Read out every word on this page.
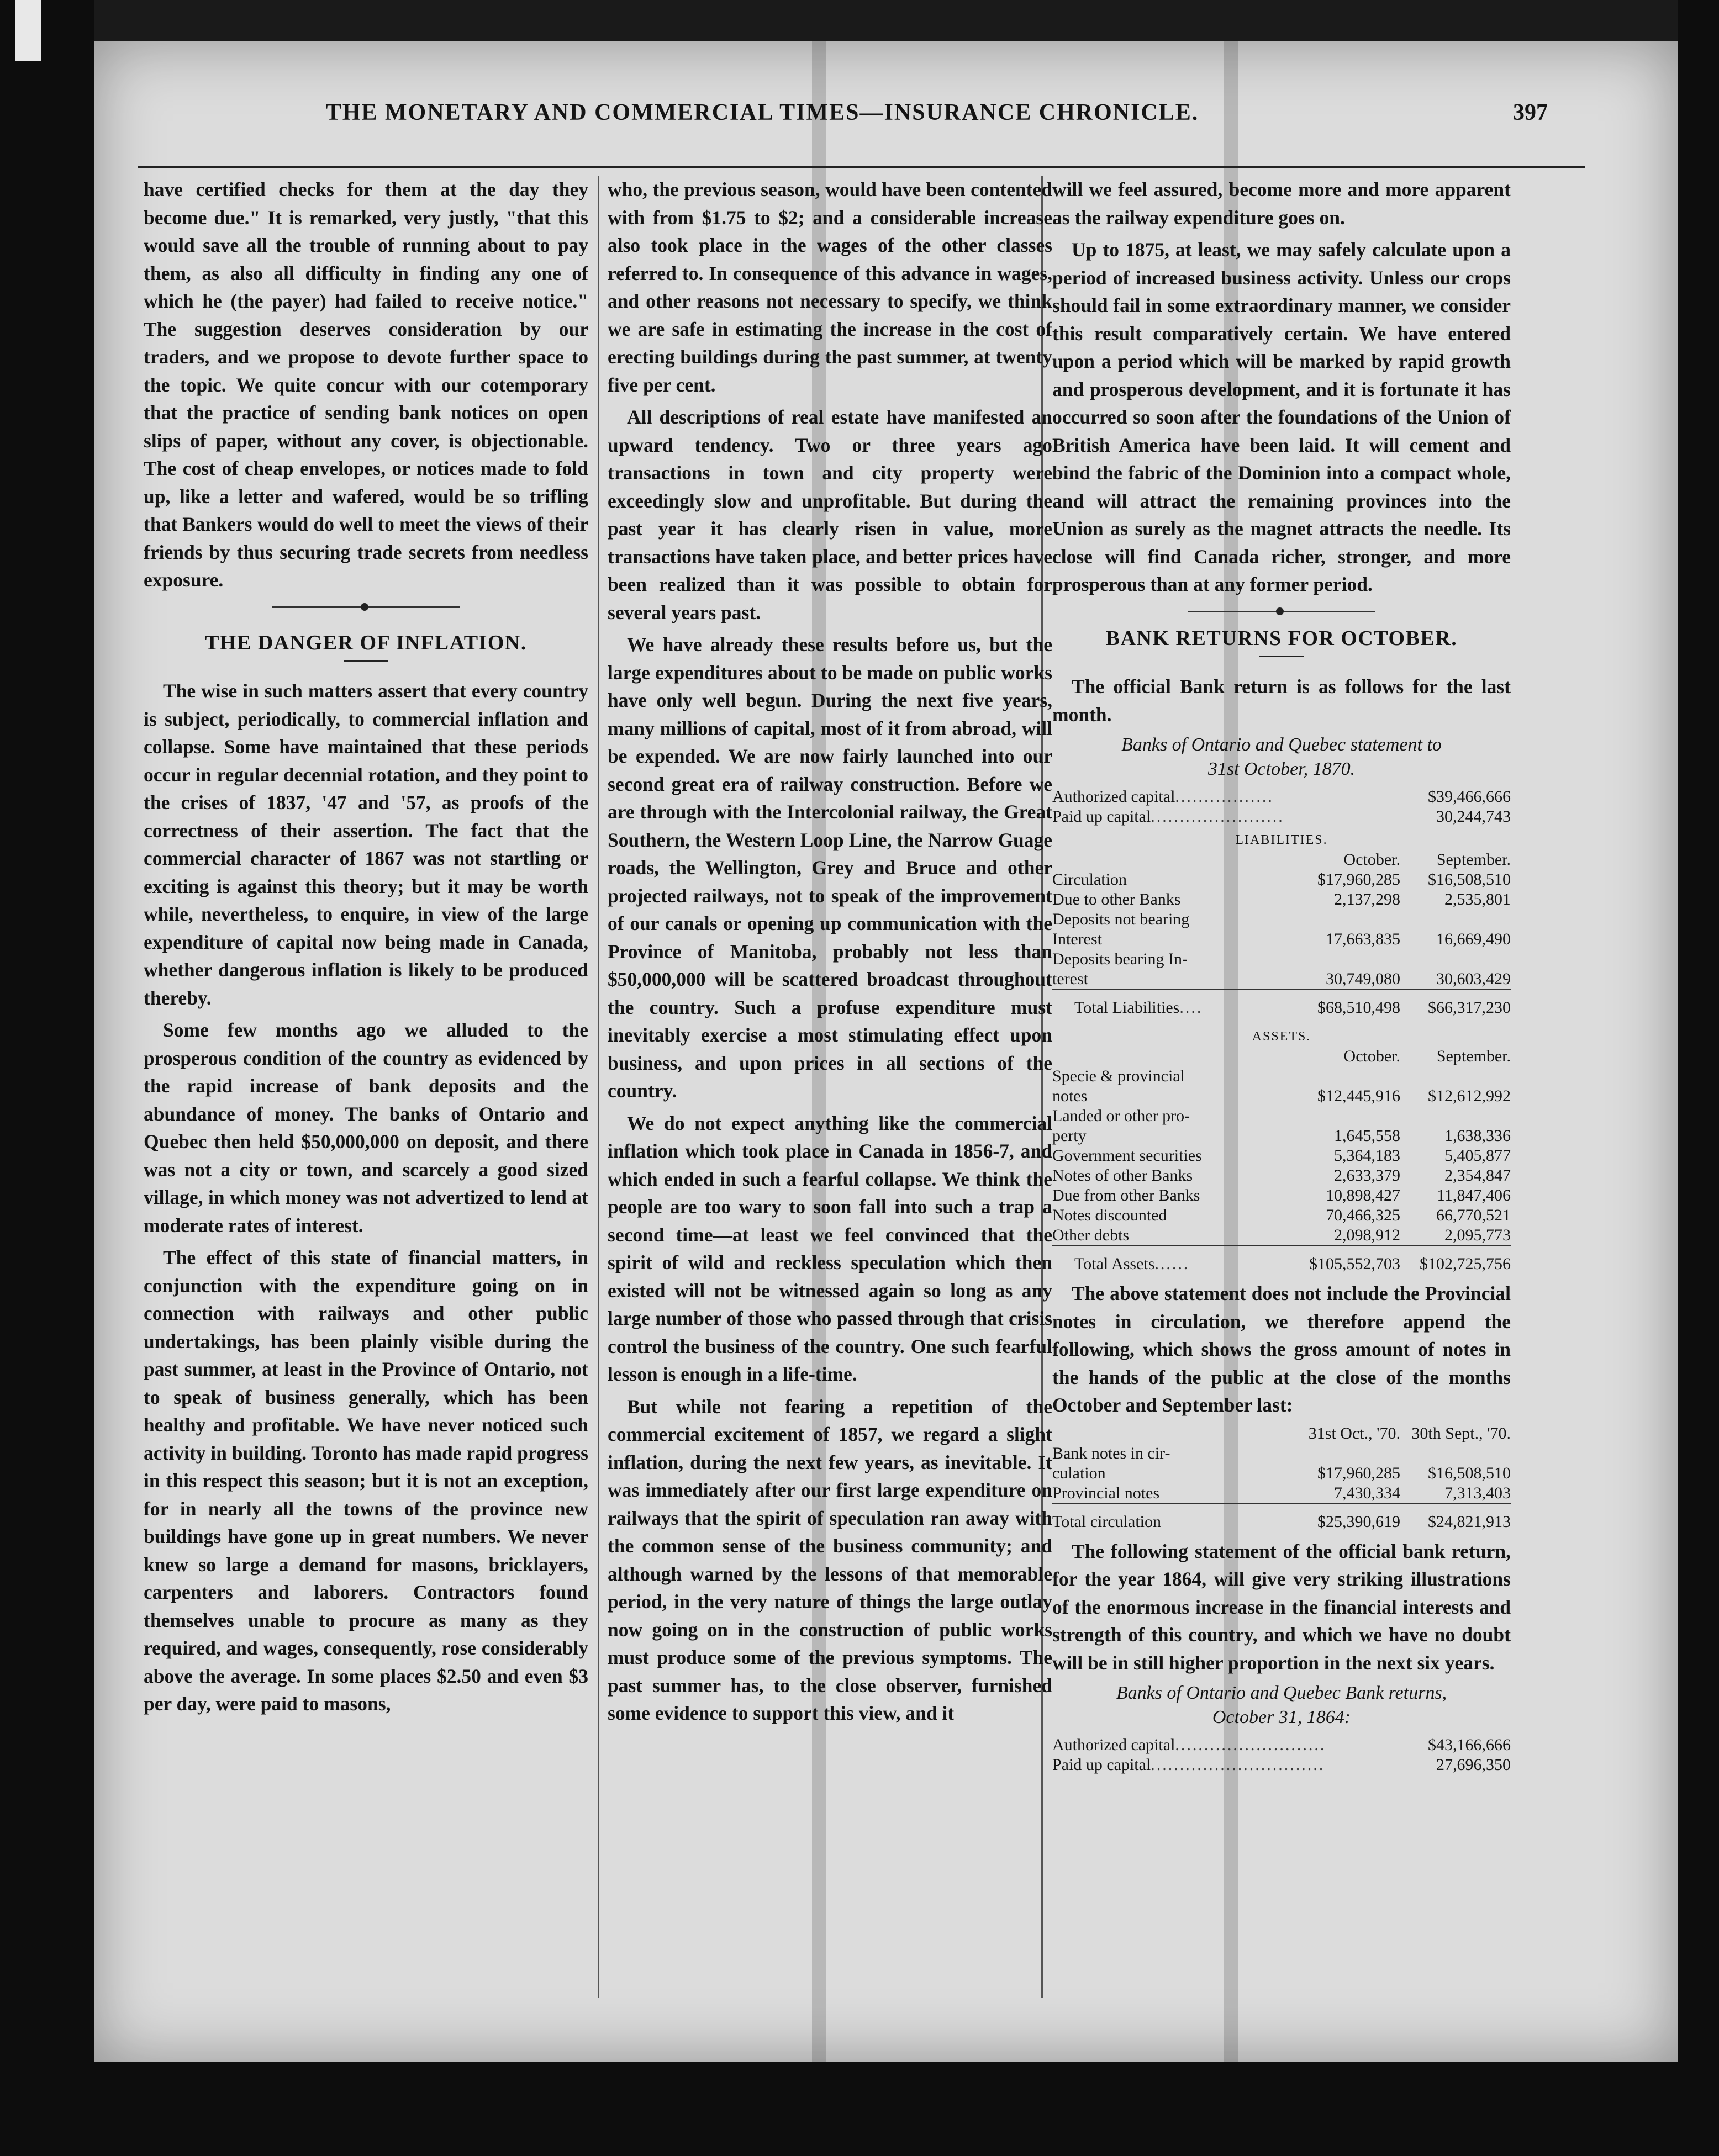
THE MONETARY AND COMMERCIAL TIMES—INSURANCE CHRONICLE.	397

have certified checks for them at the day they become due." It is remarked, very justly, "that this would save all the trouble of running about to pay them, as also all difficulty in finding any one of which he (the payer) had failed to receive notice." The suggestion deserves consideration by our traders, and we propose to devote further space to the topic. We quite concur with our cotemporary that the practice of sending bank notices on open slips of paper, without any cover, is objectionable. The cost of cheap envelopes, or notices made to fold up, like a letter and wafered, would be so trifling that Bankers would do well to meet the views of their friends by thus securing trade secrets from needless exposure.

THE DANGER OF INFLATION.

The wise in such matters assert that every country is subject, periodically, to commercial inflation and collapse. Some have maintained that these periods occur in regular decennial rotation, and they point to the crises of 1837, '47 and '57, as proofs of the correctness of their assertion. The fact that the commercial character of 1867 was not startling or exciting is against this theory; but it may be worth while, nevertheless, to enquire, in view of the large expenditure of capital now being made in Canada, whether dangerous inflation is likely to be produced thereby.

Some few months ago we alluded to the prosperous condition of the country as evidenced by the rapid increase of bank deposits and the abundance of money. The banks of Ontario and Quebec then held $50,000,000 on deposit, and there was not a city or town, and scarcely a good sized village, in which money was not advertized to lend at moderate rates of interest.

The effect of this state of financial matters, in conjunction with the expenditure going on in connection with railways and other public undertakings, has been plainly visible during the past summer, at least in the Province of Ontario, not to speak of business generally, which has been healthy and profitable. We have never noticed such activity in building. Toronto has made rapid progress in this respect this season; but it is not an exception, for in nearly all the towns of the province new buildings have gone up in great numbers. We never knew so large a demand for masons, bricklayers, carpenters and laborers. Contractors found themselves unable to procure as many as they required, and wages, consequently, rose considerably above the average. In some places $2.50 and even $3 per day, were paid to masons,

who, the previous season, would have been contented with from $1.75 to $2; and a considerable increase also took place in the wages of the other classes referred to. In consequence of this advance in wages, and other reasons not necessary to specify, we think we are safe in estimating the increase in the cost of erecting buildings during the past summer, at twenty five per cent.

All descriptions of real estate have manifested an upward tendency. Two or three years ago transactions in town and city property were exceedingly slow and unprofitable. But during the past year it has clearly risen in value, more transactions have taken place, and better prices have been realized than it was possible to obtain for several years past.

We have already these results before us, but the large expenditures about to be made on public works have only well begun. During the next five years, many millions of capital, most of it from abroad, will be expended. We are now fairly launched into our second great era of railway construction. Before we are through with the Intercolonial railway, the Great Southern, the Western Loop Line, the Narrow Guage roads, the Wellington, Grey and Bruce and other projected railways, not to speak of the improvement of our canals or opening up communication with the Province of Manitoba, probably not less than $50,000,000 will be scattered broadcast throughout the country. Such a profuse expenditure must inevitably exercise a most stimulating effect upon business, and upon prices in all sections of the country.

We do not expect anything like the commercial inflation which took place in Canada in 1856-7, and which ended in such a fearful collapse. We think the people are too wary to soon fall into such a trap a second time—at least we feel convinced that the spirit of wild and reckless speculation which then existed will not be witnessed again so long as any large number of those who passed through that crisis control the business of the country. One such fearful lesson is enough in a life-time.

But while not fearing a repetition of the commercial excitement of 1857, we regard a slight inflation, during the next few years, as inevitable. It was immediately after our first large expenditure on railways that the spirit of speculation ran away with the common sense of the business community; and although warned by the lessons of that memorable period, in the very nature of things the large outlay now going on in the construction of public works must produce some of the previous symptoms. The past summer has, to the close observer, furnished some evidence to support this view, and it

will we feel assured, become more and more apparent as the railway expenditure goes on.

Up to 1875, at least, we may safely calculate upon a period of increased business activity. Unless our crops should fail in some extraordinary manner, we consider this result comparatively certain. We have entered upon a period which will be marked by rapid growth and prosperous development, and it is fortunate it has occurred so soon after the foundations of the Union of British America have been laid. It will cement and bind the fabric of the Dominion into a compact whole, and will attract the remaining provinces into the Union as surely as the magnet attracts the needle. Its close will find Canada richer, stronger, and more prosperous than at any former period.

BANK RETURNS FOR OCTOBER.

The official Bank return is as follows for the last month.

Banks of Ontario and Quebec statement to
31st October, 1870.
Authorized capital.................		$39,466,666
Paid up capital.......................		30,244,743
LIABILITIES.		
	October.	September.
Circulation	$17,960,285	$16,508,510
Due to other Banks	2,137,298	2,535,801
Deposits not bearing		
Interest	17,663,835	16,669,490
Deposits bearing In-		
terest	30,749,080	30,603,429
Total Liabilities....	$68,510,498	$66,317,230
ASSETS.		
	October.	September.
Specie & provincial		
notes	$12,445,916	$12,612,992
Landed or other pro-		
perty	1,645,558	1,638,336
Government securities	5,364,183	5,405,877
Notes of other Banks	2,633,379	2,354,847
Due from other Banks	10,898,427	11,847,406
Notes discounted	70,466,325	66,770,521
Other debts	2,098,912	2,095,773
Total Assets......	$105,552,703	$102,725,756

The above statement does not include the Provincial notes in circulation, we therefore append the following, which shows the gross amount of notes in the hands of the public at the close of the months October and September last:

	31st Oct., '70.	30th Sept., '70.
Bank notes in cir-		
culation	$17,960,285	$16,508,510
Provincial notes	7,430,334	7,313,403
Total circulation	$25,390,619	$24,821,913

The following statement of the official bank return, for the year 1864, will give very striking illustrations of the enormous increase in the financial interests and strength of this country, and which we have no doubt will be in still higher proportion in the next six years.

Banks of Ontario and Quebec Bank returns,
October 31, 1864:
Authorized capital..........................	$43,166,666
Paid up capital..............................	27,696,350
